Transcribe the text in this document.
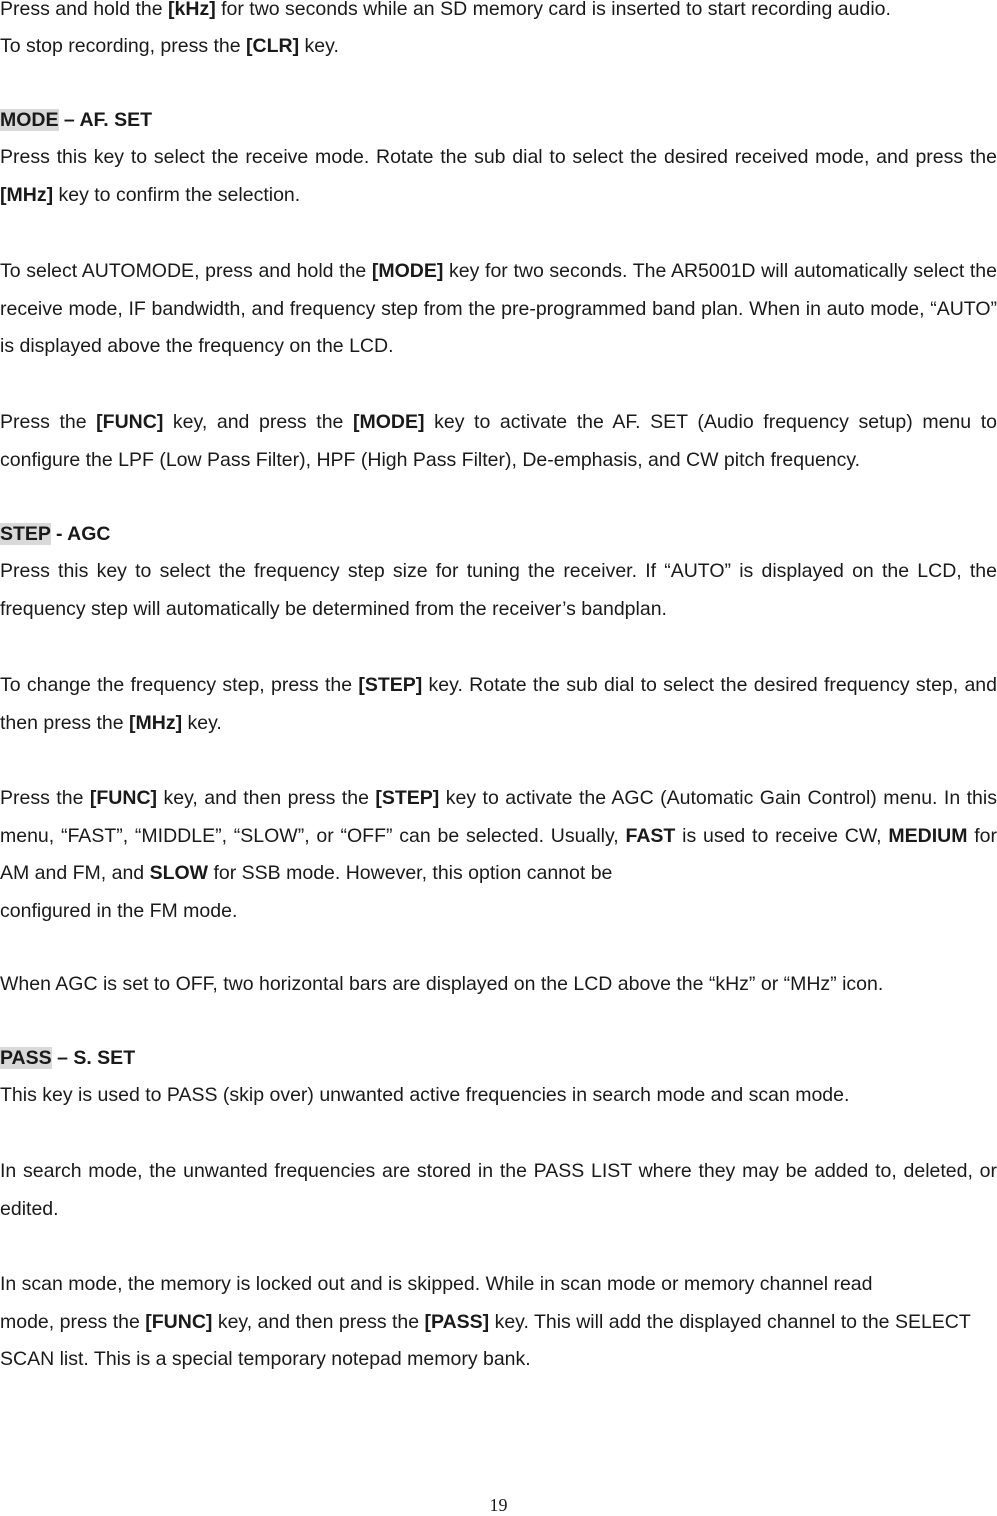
Press and hold the [kHz] for two seconds while an SD memory card is inserted to start recording audio.

To stop recording, press the [CLR] key.

MODE – AF. SET

Press this key to select the receive mode. Rotate the sub dial to select the desired received mode, and press the [MHz] key to confirm the selection.

To select AUTOMODE, press and hold the [MODE] key for two seconds. The AR5001D will automatically select the receive mode, IF bandwidth, and frequency step from the pre-programmed band plan. When in auto mode, “AUTO” is displayed above the frequency on the LCD.

Press the [FUNC] key, and press the [MODE] key to activate the AF. SET (Audio frequency setup) menu to configure the LPF (Low Pass Filter), HPF (High Pass Filter), De-emphasis, and CW pitch frequency.

STEP - AGC

Press this key to select the frequency step size for tuning the receiver. If “AUTO” is displayed on the LCD, the frequency step will automatically be determined from the receiver’s bandplan.

To change the frequency step, press the [STEP] key. Rotate the sub dial to select the desired frequency step, and then press the [MHz] key.

Press the [FUNC] key, and then press the [STEP] key to activate the AGC (Automatic Gain Control) menu. In this menu, “FAST”, “MIDDLE”, “SLOW”, or “OFF” can be selected. Usually, FAST is used to receive CW, MEDIUM for AM and FM, and SLOW for SSB mode. However, this option cannot be
configured in the FM mode.

When AGC is set to OFF, two horizontal bars are displayed on the LCD above the “kHz” or “MHz” icon.

PASS – S. SET

This key is used to PASS (skip over) unwanted active frequencies in search mode and scan mode.

In search mode, the unwanted frequencies are stored in the PASS LIST where they may be added to, deleted, or edited.

In scan mode, the memory is locked out and is skipped. While in scan mode or memory channel read
mode, press the [FUNC] key, and then press the [PASS] key. This will add the displayed channel to the SELECT SCAN list. This is a special temporary notepad memory bank.

19
